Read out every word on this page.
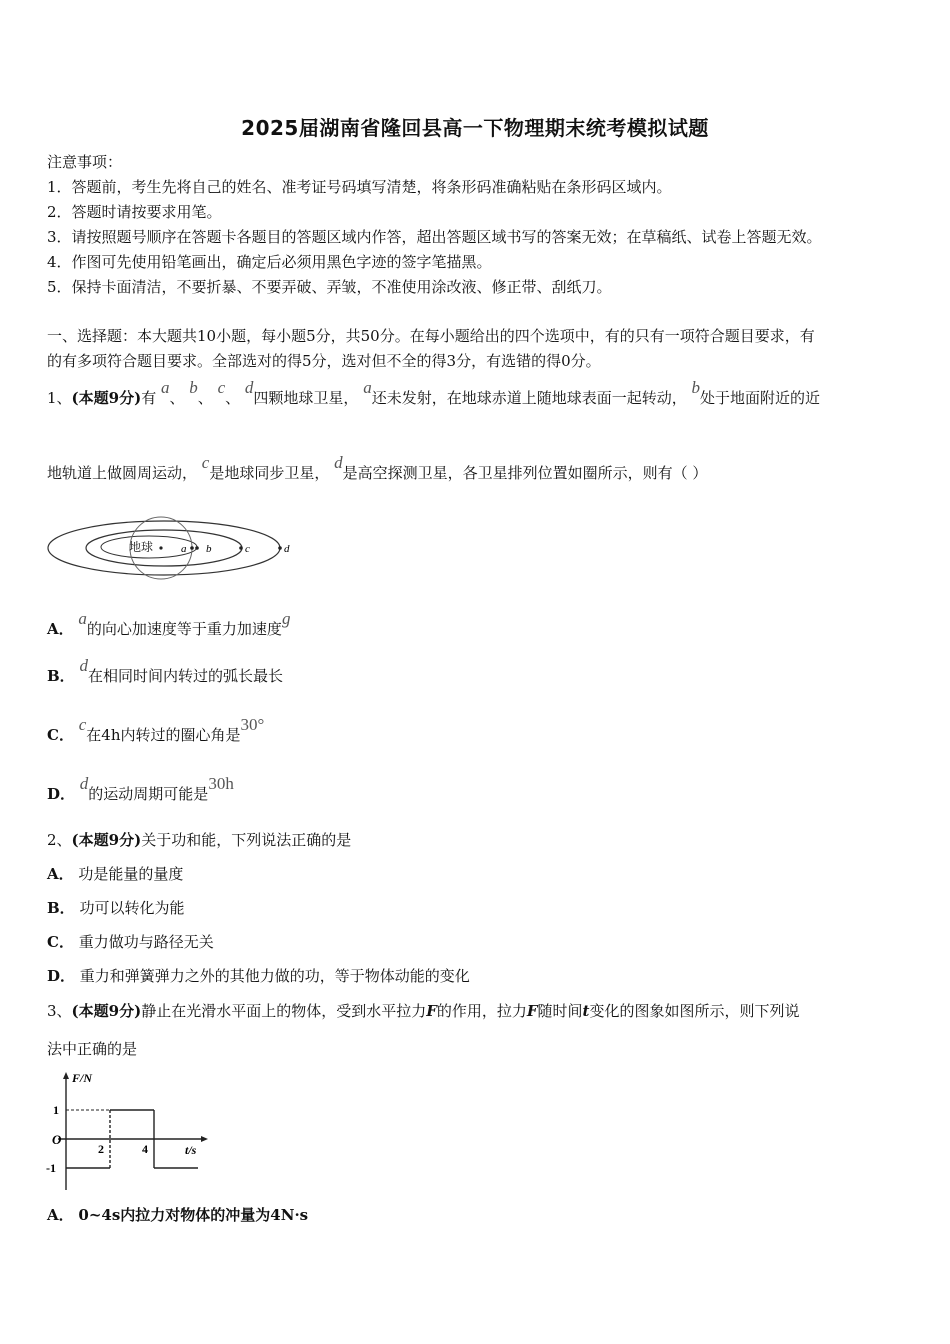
2025届湖南省隆回县高一下物理期末统考模拟试题
注意事项：
1．答题前，考生先将自己的姓名、准考证号码填写清楚，将条形码准确粘贴在条形码区域内。
2．答题时请按要求用笔。
3．请按照题号顺序在答题卡各题目的答题区域内作答，超出答题区域书写的答案无效；在草稿纸、试卷上答题无效。
4．作图可先使用铅笔画出，确定后必须用黑色字迹的签字笔描黑。
5．保持卡面清洁，不要折暴、不要弄破、弄皱，不准使用涂改液、修正带、刮纸刀。
一、选择题：本大题共10小题，每小题5分，共50分。在每小题给出的四个选项中，有的只有一项符合题目要求，有
的有多项符合题目要求。全部选对的得5分，选对但不全的得3分，有选错的得0分。
1、(本题9分)有 a、 b、 c、 d四颗地球卫星， a还未发射，在地球赤道上随地球表面一起转动， b处于地面附近的近
地轨道上做圆周运动， c是地球同步卫星， d是高空探测卫星，各卫星排列位置如圈所示，则有（ ）
地球	a b	c	d
A． a的向心加速度等于重力加速度g
B． d在相同时间内转过的弧长最长
C． c在4h内转过的圈心角是30°
D． d的运动周期可能是30h
2、(本题9分)关于功和能，下列说法正确的是
A． 功是能量的量度
B． 功可以转化为能
C． 重力做功与路径无关
D． 重力和弹簧弹力之外的其他力做的功，等于物体动能的变化
3、(本题9分)静止在光滑水平面上的物体，受到水平拉力F的作用，拉力F随时间t变化的图象如图所示，则下列说
法中正确的是
F/N
t/s
O
1
-1
2	4
A． 0~4s内拉力对物体的冲量为4N·s
